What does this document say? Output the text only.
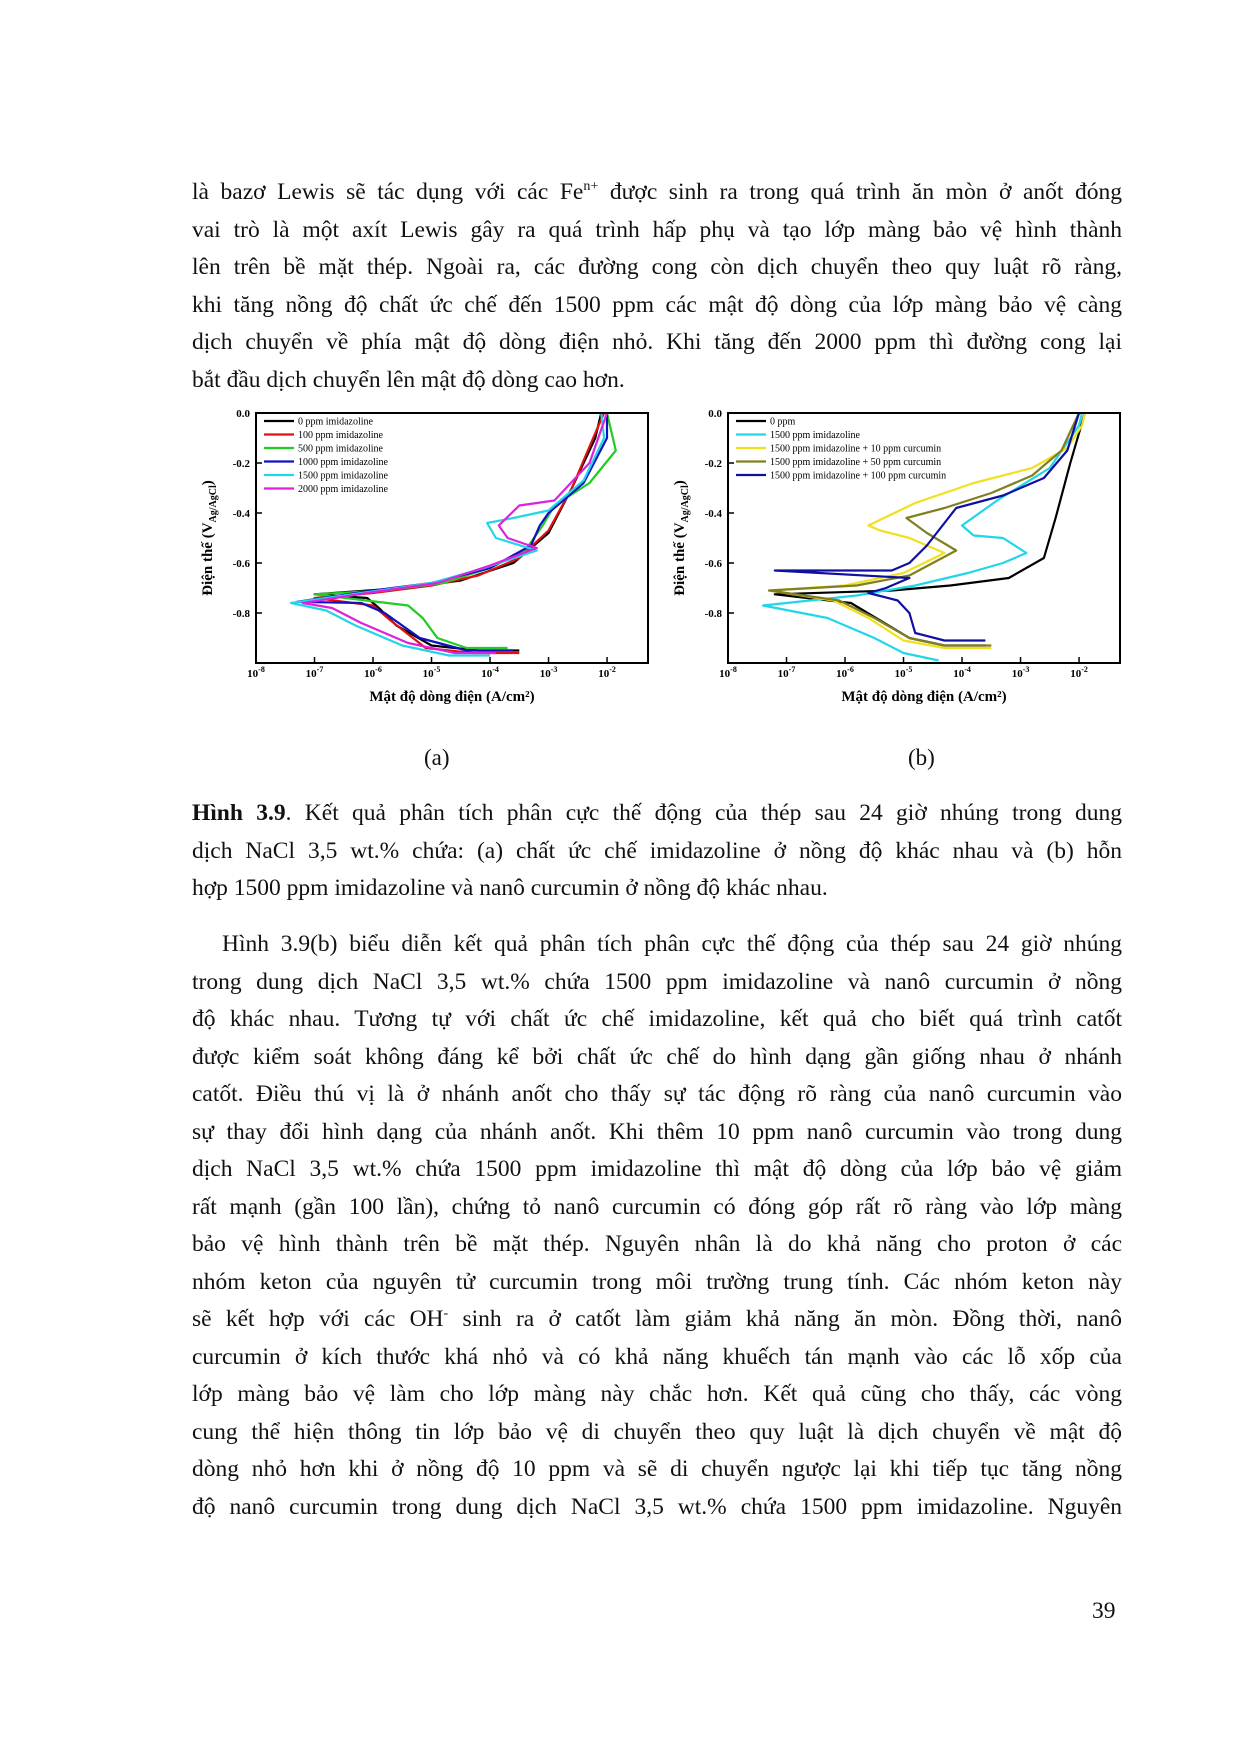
là bazơ Lewis sẽ tác dụng với các $Fe^{n+}$ được sinh ra trong quá trình ăn mòn ở anốt đóng
vai trò là một axít Lewis gây ra quá trình hấp phụ và tạo lớp màng bảo vệ hình thành
lên trên bề mặt thép. Ngoài ra, các đường cong còn dịch chuyển theo quy luật rõ ràng,
khi tăng nồng độ chất ức chế đến 1500 ppm các mật độ dòng của lớp màng bảo vệ càng
dịch chuyển về phía mật độ dòng điện nhỏ. Khi tăng đến 2000 ppm thì đường cong lại
bắt đầu dịch chuyển lên mật độ dòng cao hơn.
0.0
-0.2
-0.4
-0.6
-0.8
$10^{-8}$	$10^{-7}$	$10^{-6}$	$10^{-5}$	$10^{-4}$	$10^{-3}$	$10^{-2}$
Mật độ dòng điện (A/cm²)
Điện thế $(V_{Ag/AgCl})$
0 ppm imidazoline
100 ppm imidazoline
500 ppm imidazoline
1000 ppm imidazoline
1500 ppm imidazoline
2000 ppm imidazoline
0.0
-0.2
-0.4
-0.6
-0.8
$10^{-8}$	$10^{-7}$	$10^{-6}$	$10^{-5}$	$10^{-4}$	$10^{-3}$	$10^{-2}$
Mật độ dòng điện (A/cm²)
Điện thế $(V_{Ag/AgCl})$
0 ppm
1500 ppm imidazoline
1500 ppm imidazoline + 10 ppm curcumin
1500 ppm imidazoline + 50 ppm curcumin
1500 ppm imidazoline + 100 ppm curcumin
(a)	(b)
Hình 3.9. Kết quả phân tích phân cực thế động của thép sau 24 giờ nhúng trong dung
dịch NaCl 3,5 wt.% chứa: (a) chất ức chế imidazoline ở nồng độ khác nhau và (b) hỗn
hợp 1500 ppm imidazoline và nanô curcumin ở nồng độ khác nhau.
Hình 3.9(b) biểu diễn kết quả phân tích phân cực thế động của thép sau 24 giờ nhúng
trong dung dịch NaCl 3,5 wt.% chứa 1500 ppm imidazoline và nanô curcumin ở nồng
độ khác nhau. Tương tự với chất ức chế imidazoline, kết quả cho biết quá trình catốt
được kiểm soát không đáng kể bởi chất ức chế do hình dạng gần giống nhau ở nhánh
catốt. Điều thú vị là ở nhánh anốt cho thấy sự tác động rõ ràng của nanô curcumin vào
sự thay đổi hình dạng của nhánh anốt. Khi thêm 10 ppm nanô curcumin vào trong dung
dịch NaCl 3,5 wt.% chứa 1500 ppm imidazoline thì mật độ dòng của lớp bảo vệ giảm
rất mạnh (gần 100 lần), chứng tỏ nanô curcumin có đóng góp rất rõ ràng vào lớp màng
bảo vệ hình thành trên bề mặt thép. Nguyên nhân là do khả năng cho proton ở các
nhóm keton của nguyên tử curcumin trong môi trường trung tính. Các nhóm keton này
sẽ kết hợp với các OH- sinh ra ở catốt làm giảm khả năng ăn mòn. Đồng thời, nanô
curcumin ở kích thước khá nhỏ và có khả năng khuếch tán mạnh vào các lỗ xốp của
lớp màng bảo vệ làm cho lớp màng này chắc hơn. Kết quả cũng cho thấy, các vòng
cung thể hiện thông tin lớp bảo vệ di chuyển theo quy luật là dịch chuyển về mật độ
dòng nhỏ hơn khi ở nồng độ 10 ppm và sẽ di chuyển ngược lại khi tiếp tục tăng nồng
độ nanô curcumin trong dung dịch NaCl 3,5 wt.% chứa 1500 ppm imidazoline. Nguyên
39
